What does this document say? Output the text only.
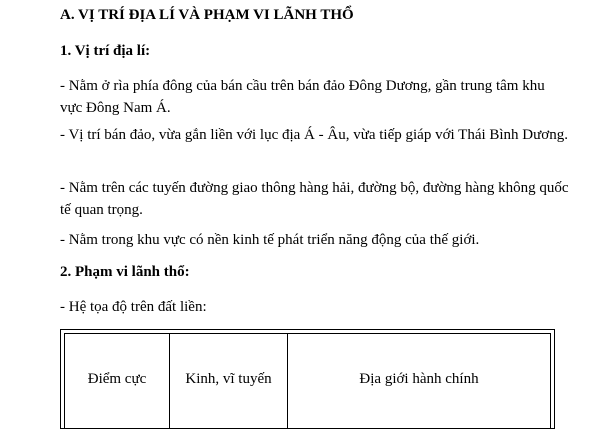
A. VỊ TRÍ ĐỊA LÍ VÀ PHẠM VI LÃNH THỔ
1. Vị trí địa lí:

- Nằm ở rìa phía đông của bán cầu trên bán đảo Đông Dương, gần trung tâm khu vực Đông Nam Á.

- Vị trí bán đảo, vừa gắn liền với lục địa Á - Âu, vừa tiếp giáp với Thái Bình Dương.

- Nằm trên các tuyến đường giao thông hàng hải, đường bộ, đường hàng không quốc tế quan trọng.

- Nằm trong khu vực có nền kinh tế phát triển năng động của thế giới.

2. Phạm vi lãnh thổ:

- Hệ tọa độ trên đất liền:

Điểm cực	Kinh, vĩ tuyến	Địa giới hành chính
